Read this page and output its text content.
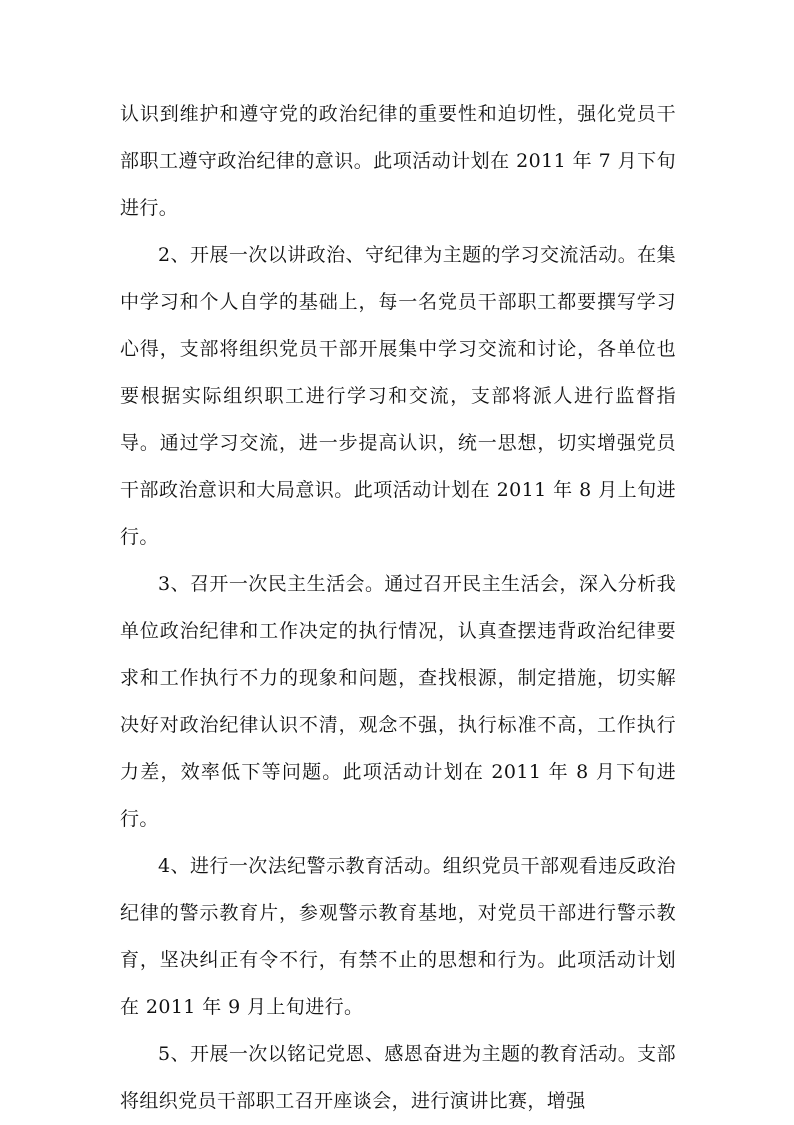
认识到维护和遵守党的政治纪律的重要性和迫切性，强化党员干部职工遵守政治纪律的意识。此项活动计划在 2011 年 7 月下旬进行。

2、开展一次以讲政治、守纪律为主题的学习交流活动。在集中学习和个人自学的基础上，每一名党员干部职工都要撰写学习心得，支部将组织党员干部开展集中学习交流和讨论，各单位也要根据实际组织职工进行学习和交流，支部将派人进行监督指导。通过学习交流，进一步提高认识，统一思想，切实增强党员干部政治意识和大局意识。此项活动计划在 2011 年 8 月上旬进行。

3、召开一次民主生活会。通过召开民主生活会，深入分析我单位政治纪律和工作决定的执行情况，认真查摆违背政治纪律要求和工作执行不力的现象和问题，查找根源，制定措施，切实解决好对政治纪律认识不清，观念不强，执行标准不高，工作执行力差，效率低下等问题。此项活动计划在 2011 年 8 月下旬进行。

4、进行一次法纪警示教育活动。组织党员干部观看违反政治纪律的警示教育片，参观警示教育基地，对党员干部进行警示教育，坚决纠正有令不行，有禁不止的思想和行为。此项活动计划在 2011 年 9 月上旬进行。

5、开展一次以铭记党恩、感恩奋进为主题的教育活动。支部将组织党员干部职工召开座谈会，进行演讲比赛，增强
